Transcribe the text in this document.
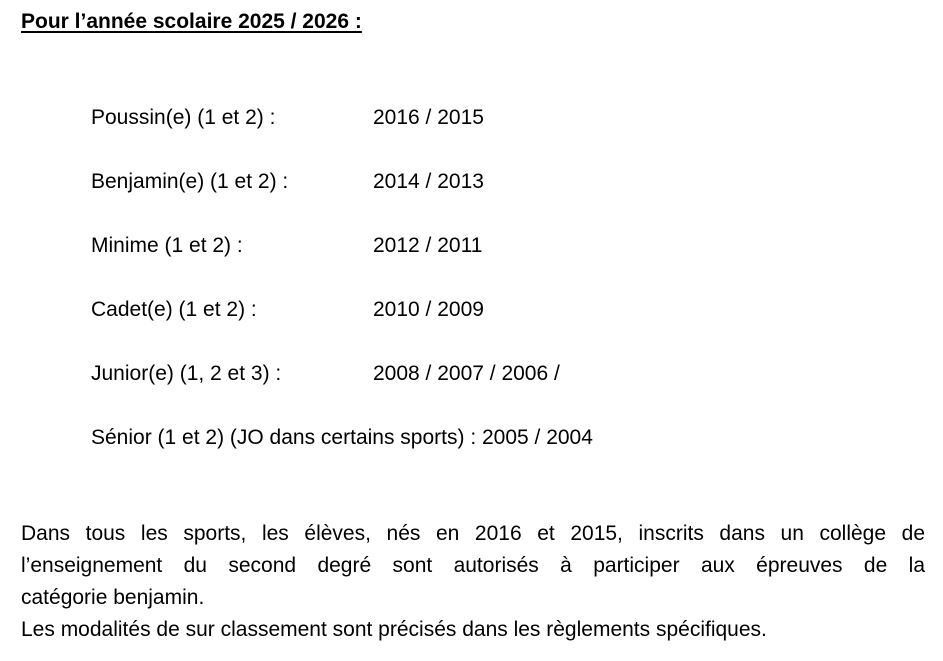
Pour l’année scolaire 2025 / 2026 :
Poussin(e) (1 et 2) :	2016 / 2015
Benjamin(e) (1 et 2) :	2014 / 2013
Minime (1 et 2) :	2012 / 2011
Cadet(e) (1 et 2) :	2010 / 2009
Junior(e) (1, 2 et 3) :	2008 / 2007 / 2006 /
Sénior (1 et 2) (JO dans certains sports) : 2005 / 2004
Dans tous les sports, les élèves, nés en 2016 et 2015, inscrits dans un collège de
l’enseignement du second degré sont autorisés à participer aux épreuves de la
catégorie benjamin.
Les modalités de sur classement sont précisés dans les règlements spécifiques.
